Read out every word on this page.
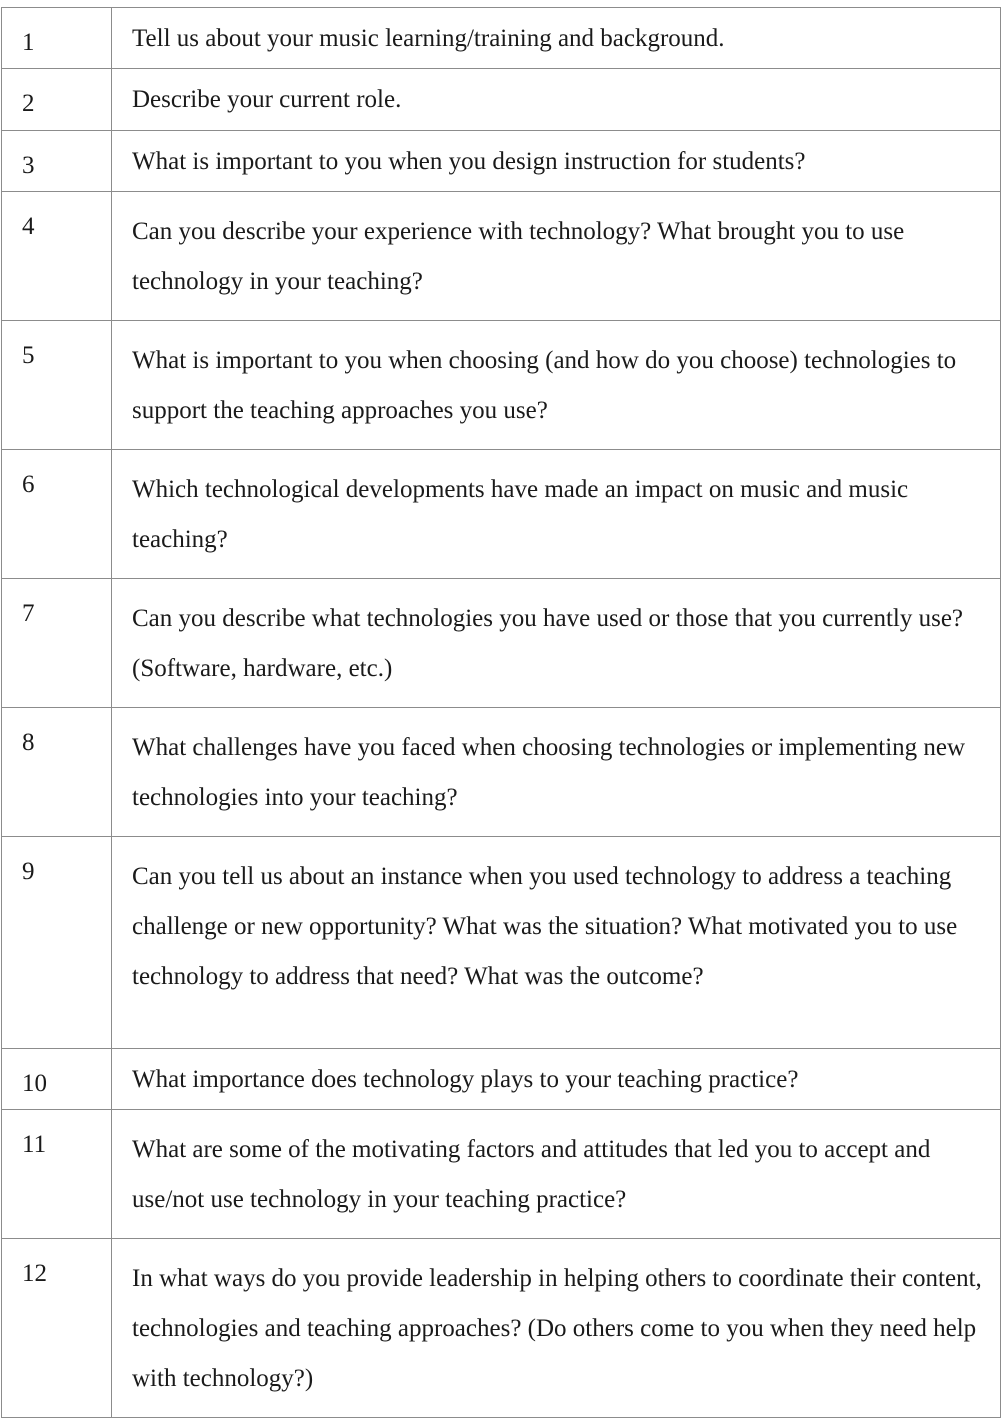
1	Tell us about your music learning/training and background.
2	Describe your current role.
3	What is important to you when you design instruction for students?
4	Can you describe your experience with technology? What brought you to use technology in your teaching?
5	What is important to you when choosing (and how do you choose) technologies to support the teaching approaches you use?
6	Which technological developments have made an impact on music and music teaching?
7	Can you describe what technologies you have used or those that you currently use? (Software, hardware, etc.)
8	What challenges have you faced when choosing technologies or implementing new technologies into your teaching?
9	Can you tell us about an instance when you used technology to address a teaching challenge or new opportunity? What was the situation? What motivated you to use technology to address that need? What was the outcome?
10	What importance does technology plays to your teaching practice?
11	What are some of the motivating factors and attitudes that led you to accept and use/not use technology in your teaching practice?
12	In what ways do you provide leadership in helping others to coordinate their content, technologies and teaching approaches? (Do others come to you when they need help with technology?)
